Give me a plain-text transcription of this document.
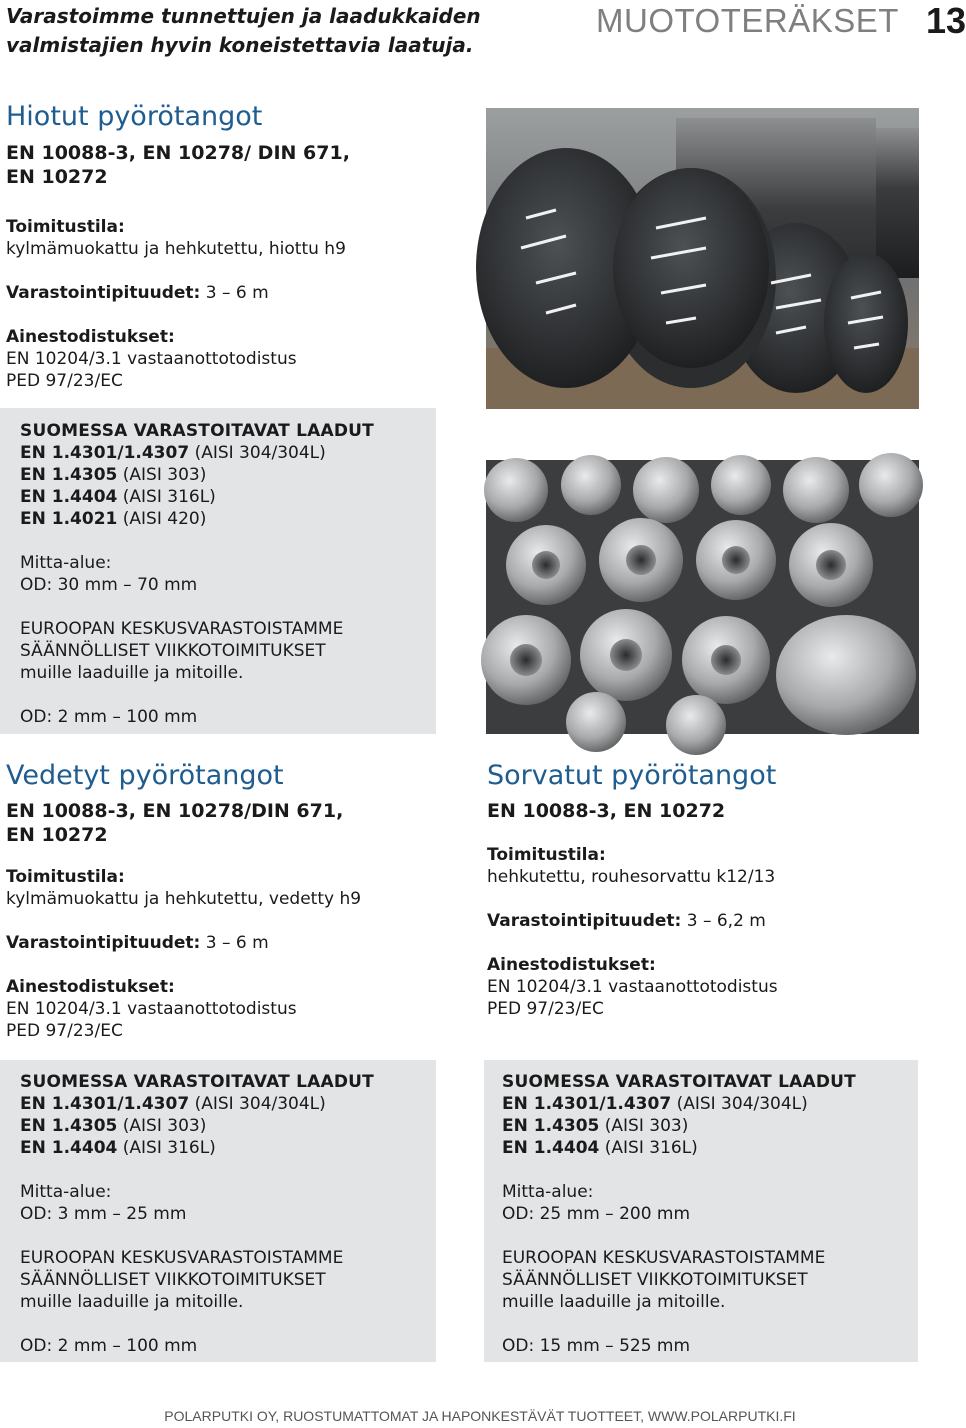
Varastoimme tunnettujen ja laadukkaiden valmistajien hyvin koneistettavia laatuja.
MUOTOTERÄKSET 13
Hiotut pyörötangot
EN 10088-3, EN 10278/ DIN 671,
EN 10272
Toimitustila:
kylmämuokattu ja hehkutettu, hiottu h9
Varastointipituudet: 3 – 6 m
Ainestodistukset:
EN 10204/3.1 vastaanottotodistus
PED 97/23/EC
SUOMESSA VARASTOITAVAT LAADUT
EN 1.4301/1.4307 (AISI 304/304L)
EN 1.4305 (AISI 303)
EN 1.4404 (AISI 316L)
EN 1.4021 (AISI 420)
Mitta-alue:
OD: 30 mm – 70 mm
EUROOPAN KESKUSVARASTOISTAMME
SÄÄNNÖLLISET VIIKKOTOIMITUKSET
muille laaduille ja mitoille.
OD: 2 mm – 100 mm
Vedetyt pyörötangot
EN 10088-3, EN 10278/DIN 671,
EN 10272
Toimitustila:
kylmämuokattu ja hehkutettu, vedetty h9
Varastointipituudet: 3 – 6 m
Ainestodistukset:
EN 10204/3.1 vastaanottotodistus
PED 97/23/EC
SUOMESSA VARASTOITAVAT LAADUT
EN 1.4301/1.4307 (AISI 304/304L)
EN 1.4305 (AISI 303)
EN 1.4404 (AISI 316L)
Mitta-alue:
OD: 3 mm – 25 mm
EUROOPAN KESKUSVARASTOISTAMME
SÄÄNNÖLLISET VIIKKOTOIMITUKSET
muille laaduille ja mitoille.
OD: 2 mm – 100 mm
Sorvatut pyörötangot
EN 10088-3, EN 10272
Toimitustila:
hehkutettu, rouhesorvattu k12/13
Varastointipituudet: 3 – 6,2 m
Ainestodistukset:
EN 10204/3.1 vastaanottotodistus
PED 97/23/EC
SUOMESSA VARASTOITAVAT LAADUT
EN 1.4301/1.4307 (AISI 304/304L)
EN 1.4305 (AISI 303)
EN 1.4404 (AISI 316L)
Mitta-alue:
OD: 25 mm – 200 mm
EUROOPAN KESKUSVARASTOISTAMME
SÄÄNNÖLLISET VIIKKOTOIMITUKSET
muille laaduille ja mitoille.
OD: 15 mm – 525 mm
POLARPUTKI OY, RUOSTUMATTOMAT JA HAPONKESTÄVÄT TUOTTEET, WWW.POLARPUTKI.FI
